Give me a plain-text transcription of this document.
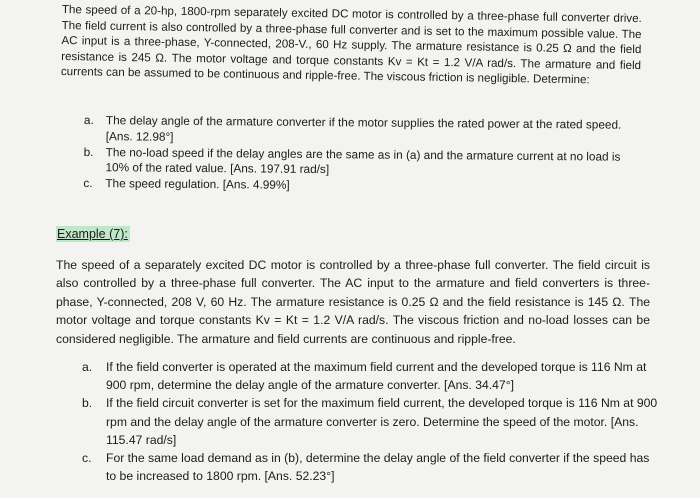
The speed of a 20-hp, 1800-rpm separately excited DC motor is controlled by a three-phase full converter drive. The field current is also controlled by a three-phase full converter and is set to the maximum possible value. The AC input is a three-phase, Y-connected, 208-V., 60 Hz supply. The armature resistance is 0.25 Ω and the field resistance is 245 Ω. The motor voltage and torque constants Kv = Kt = 1.2 V/A rad/s. The armature and field currents can be assumed to be continuous and ripple-free. The viscous friction is negligible. Determine:
a.	The delay angle of the armature converter if the motor supplies the rated power at the rated speed. [Ans. 12.98°]
b.	The no-load speed if the delay angles are the same as in (a) and the armature current at no load is 10% of the rated value. [Ans. 197.91 rad/s]
c.	The speed regulation. [Ans. 4.99%]
Example (7):
The speed of a separately excited DC motor is controlled by a three-phase full converter. The field circuit is also controlled by a three-phase full converter. The AC input to the armature and field converters is three-phase, Y-connected, 208 V, 60 Hz. The armature resistance is 0.25 Ω and the field resistance is 145 Ω. The motor voltage and torque constants Kv = Kt = 1.2 V/A rad/s. The viscous friction and no-load losses can be considered negligible. The armature and field currents are continuous and ripple-free.
a.	If the field converter is operated at the maximum field current and the developed torque is 116 Nm at 900 rpm, determine the delay angle of the armature converter. [Ans. 34.47°]
b.	If the field circuit converter is set for the maximum field current, the developed torque is 116 Nm at 900 rpm and the delay angle of the armature converter is zero. Determine the speed of the motor. [Ans. 115.47 rad/s]
c.	For the same load demand as in (b), determine the delay angle of the field converter if the speed has to be increased to 1800 rpm. [Ans. 52.23°]
